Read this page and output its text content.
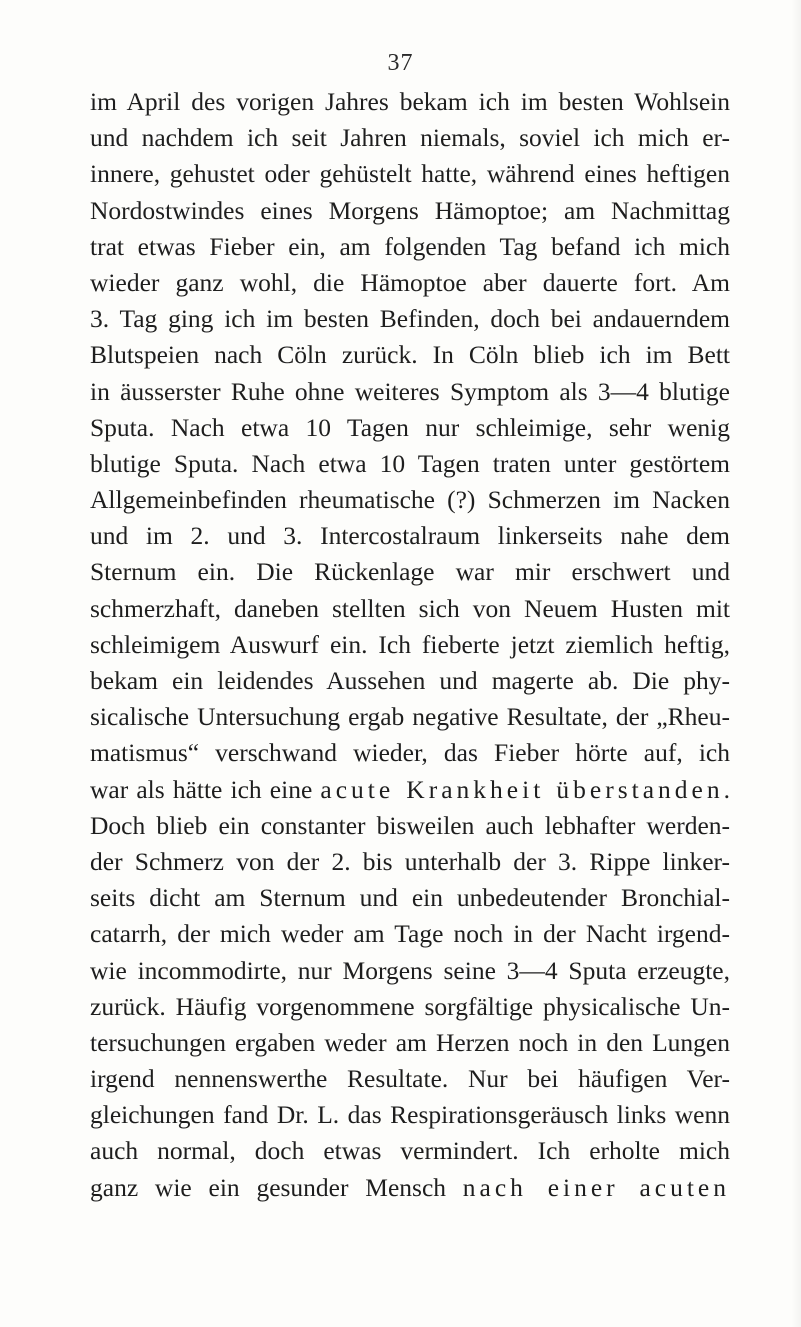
37
im April des vorigen Jahres bekam ich im besten Wohlsein
und nachdem ich seit Jahren niemals, soviel ich mich er-
innere, gehustet oder gehüstelt hatte, während eines heftigen
Nordostwindes eines Morgens Hämoptoe; am Nachmittag
trat etwas Fieber ein, am folgenden Tag befand ich mich
wieder ganz wohl, die Hämoptoe aber dauerte fort. Am
3. Tag ging ich im besten Befinden, doch bei andauerndem
Blutspeien nach Cöln zurück. In Cöln blieb ich im Bett
in äusserster Ruhe ohne weiteres Symptom als 3—4 blutige
Sputa. Nach etwa 10 Tagen nur schleimige, sehr wenig
blutige Sputa. Nach etwa 10 Tagen traten unter gestörtem
Allgemeinbefinden rheumatische (?) Schmerzen im Nacken
und im 2. und 3. Intercostalraum linkerseits nahe dem
Sternum ein. Die Rückenlage war mir erschwert und
schmerzhaft, daneben stellten sich von Neuem Husten mit
schleimigem Auswurf ein. Ich fieberte jetzt ziemlich heftig,
bekam ein leidendes Aussehen und magerte ab. Die phy-
sicalische Untersuchung ergab negative Resultate, der „Rheu-
matismus“ verschwand wieder, das Fieber hörte auf, ich
war als hätte ich eine acute Krankheit überstanden.
Doch blieb ein constanter bisweilen auch lebhafter werden-
der Schmerz von der 2. bis unterhalb der 3. Rippe linker-
seits dicht am Sternum und ein unbedeutender Bronchial-
catarrh, der mich weder am Tage noch in der Nacht irgend-
wie incommodirte, nur Morgens seine 3—4 Sputa erzeugte,
zurück. Häufig vorgenommene sorgfältige physicalische Un-
tersuchungen ergaben weder am Herzen noch in den Lungen
irgend nennenswerthe Resultate. Nur bei häufigen Ver-
gleichungen fand Dr. L. das Respirationsgeräusch links wenn
auch normal, doch etwas vermindert. Ich erholte mich
ganz wie ein gesunder Mensch nach einer acuten
